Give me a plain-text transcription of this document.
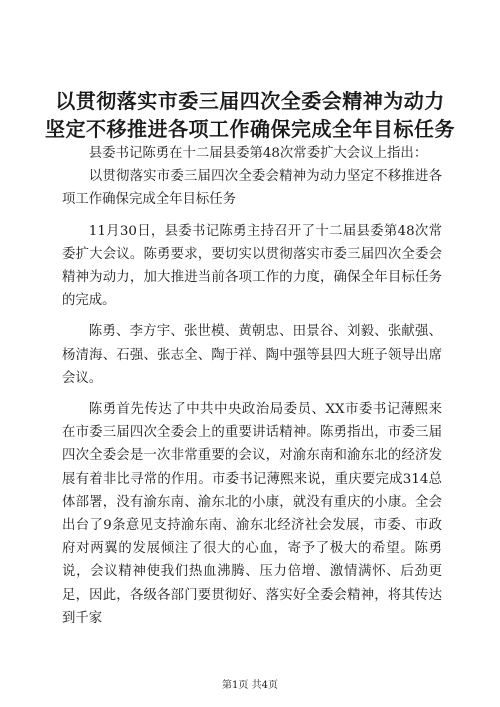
以贯彻落实市委三届四次全委会精神为动力
坚定不移推进各项工作确保完成全年目标任务

县委书记陈勇在十二届县委第48次常委扩大会议上指出：

以贯彻落实市委三届四次全委会精神为动力坚定不移推进各项工作确保完成全年目标任务

11月30日，县委书记陈勇主持召开了十二届县委第48次常委扩大会议。陈勇要求，要切实以贯彻落实市委三届四次全委会精神为动力，加大推进当前各项工作的力度，确保全年目标任务的完成。

陈勇、李方宇、张世模、黄朝忠、田景谷、刘毅、张献强、杨清海、石强、张志全、陶于祥、陶中强等县四大班子领导出席会议。

陈勇首先传达了中共中央政治局委员、XX市委书记薄熙来在市委三届四次全委会上的重要讲话精神。陈勇指出，市委三届四次全委会是一次非常重要的会议，对渝东南和渝东北的经济发展有着非比寻常的作用。市委书记薄熙来说，重庆要完成314总体部署，没有渝东南、渝东北的小康，就没有重庆的小康。全会出台了9条意见支持渝东南、渝东北经济社会发展，市委、市政府对两翼的发展倾注了很大的心血，寄予了极大的希望。陈勇说，会议精神使我们热血沸腾、压力倍增、激情满怀、后劲更足，因此，各级各部门要贯彻好、落实好全委会精神，将其传达到千家

第1页 共4页
